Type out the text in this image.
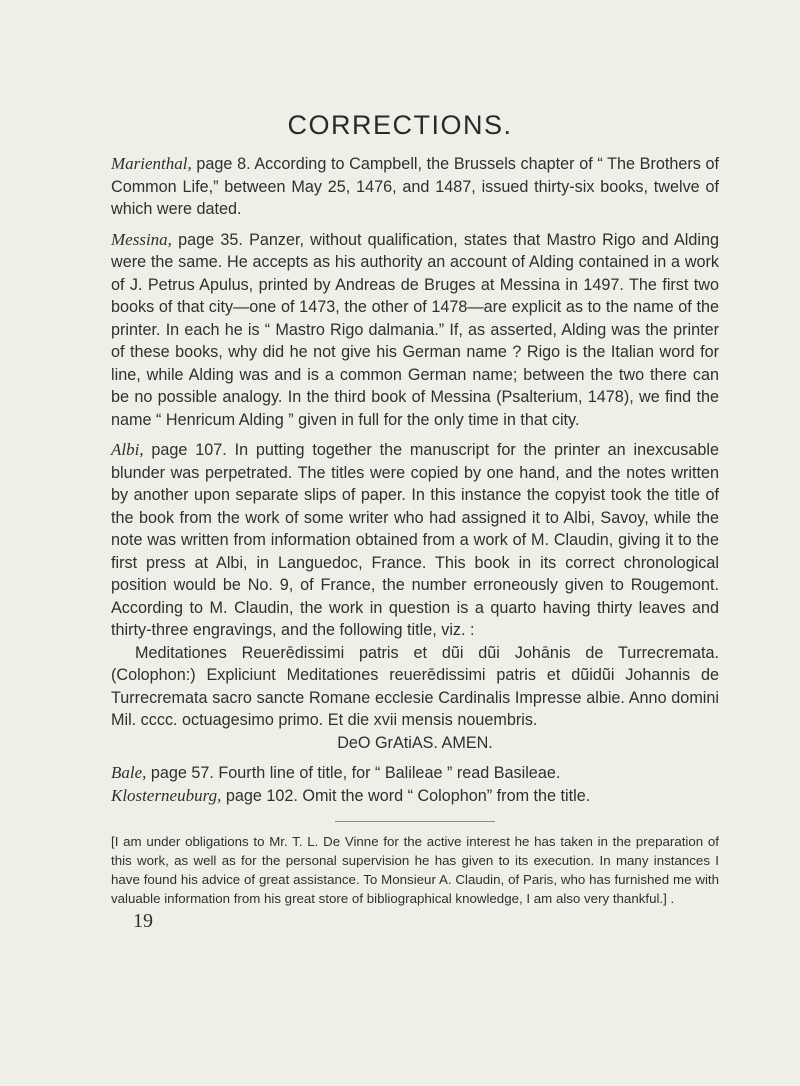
CORRECTIONS.

Marienthal, page 8. According to Campbell, the Brussels chapter of “ The Brothers of Common Life,” between May 25, 1476, and 1487, issued thirty-six books, twelve of which were dated.

Messina, page 35. Panzer, without qualification, states that Mastro Rigo and Alding were the same. He accepts as his authority an account of Alding contained in a work of J. Petrus Apulus, printed by Andreas de Bruges at Messina in 1497. The first two books of that city—one of 1473, the other of 1478—are explicit as to the name of the printer. In each he is “ Mastro Rigo dalmania.” If, as asserted, Alding was the printer of these books, why did he not give his German name ? Rigo is the Italian word for line, while Alding was and is a common German name; between the two there can be no possible analogy. In the third book of Messina (Psalterium, 1478), we find the name “ Henricum Alding ” given in full for the only time in that city.

Albi, page 107. In putting together the manuscript for the printer an inexcusable blunder was perpetrated. The titles were copied by one hand, and the notes written by another upon separate slips of paper. In this instance the copyist took the title of the book from the work of some writer who had assigned it to Albi, Savoy, while the note was written from information obtained from a work of M. Claudin, giving it to the first press at Albi, in Languedoc, France. This book in its correct chronological position would be No. 9, of France, the number erroneously given to Rougemont. According to M. Claudin, the work in question is a quarto having thirty leaves and thirty-three engravings, and the following title, viz. :

Meditationes Reuerēdissimi patris et dũi dũi Johānis de Turrecremata. (Colophon:) Expliciunt Meditationes reuerēdissimi patris et dũidũi Johannis de Turrecremata sacro sancte Romane ecclesie Cardinalis Impresse albie. Anno domini Mil. cccc. octuagesimo primo. Et die xvii mensis nouembris.

DeO GrAtiAS. AMEN.

Bale, page 57. Fourth line of title, for “ Balileae ” read Basileae.

Klosterneuburg, page 102. Omit the word “ Colophon” from the title.

[I am under obligations to Mr. T. L. De Vinne for the active interest he has taken in the preparation of this work, as well as for the personal supervision he has given to its execution. In many instances I have found his advice of great assistance. To Monsieur A. Claudin, of Paris, who has furnished me with valuable information from his great store of bibliographical knowledge, I am also very thankful.] .

19
